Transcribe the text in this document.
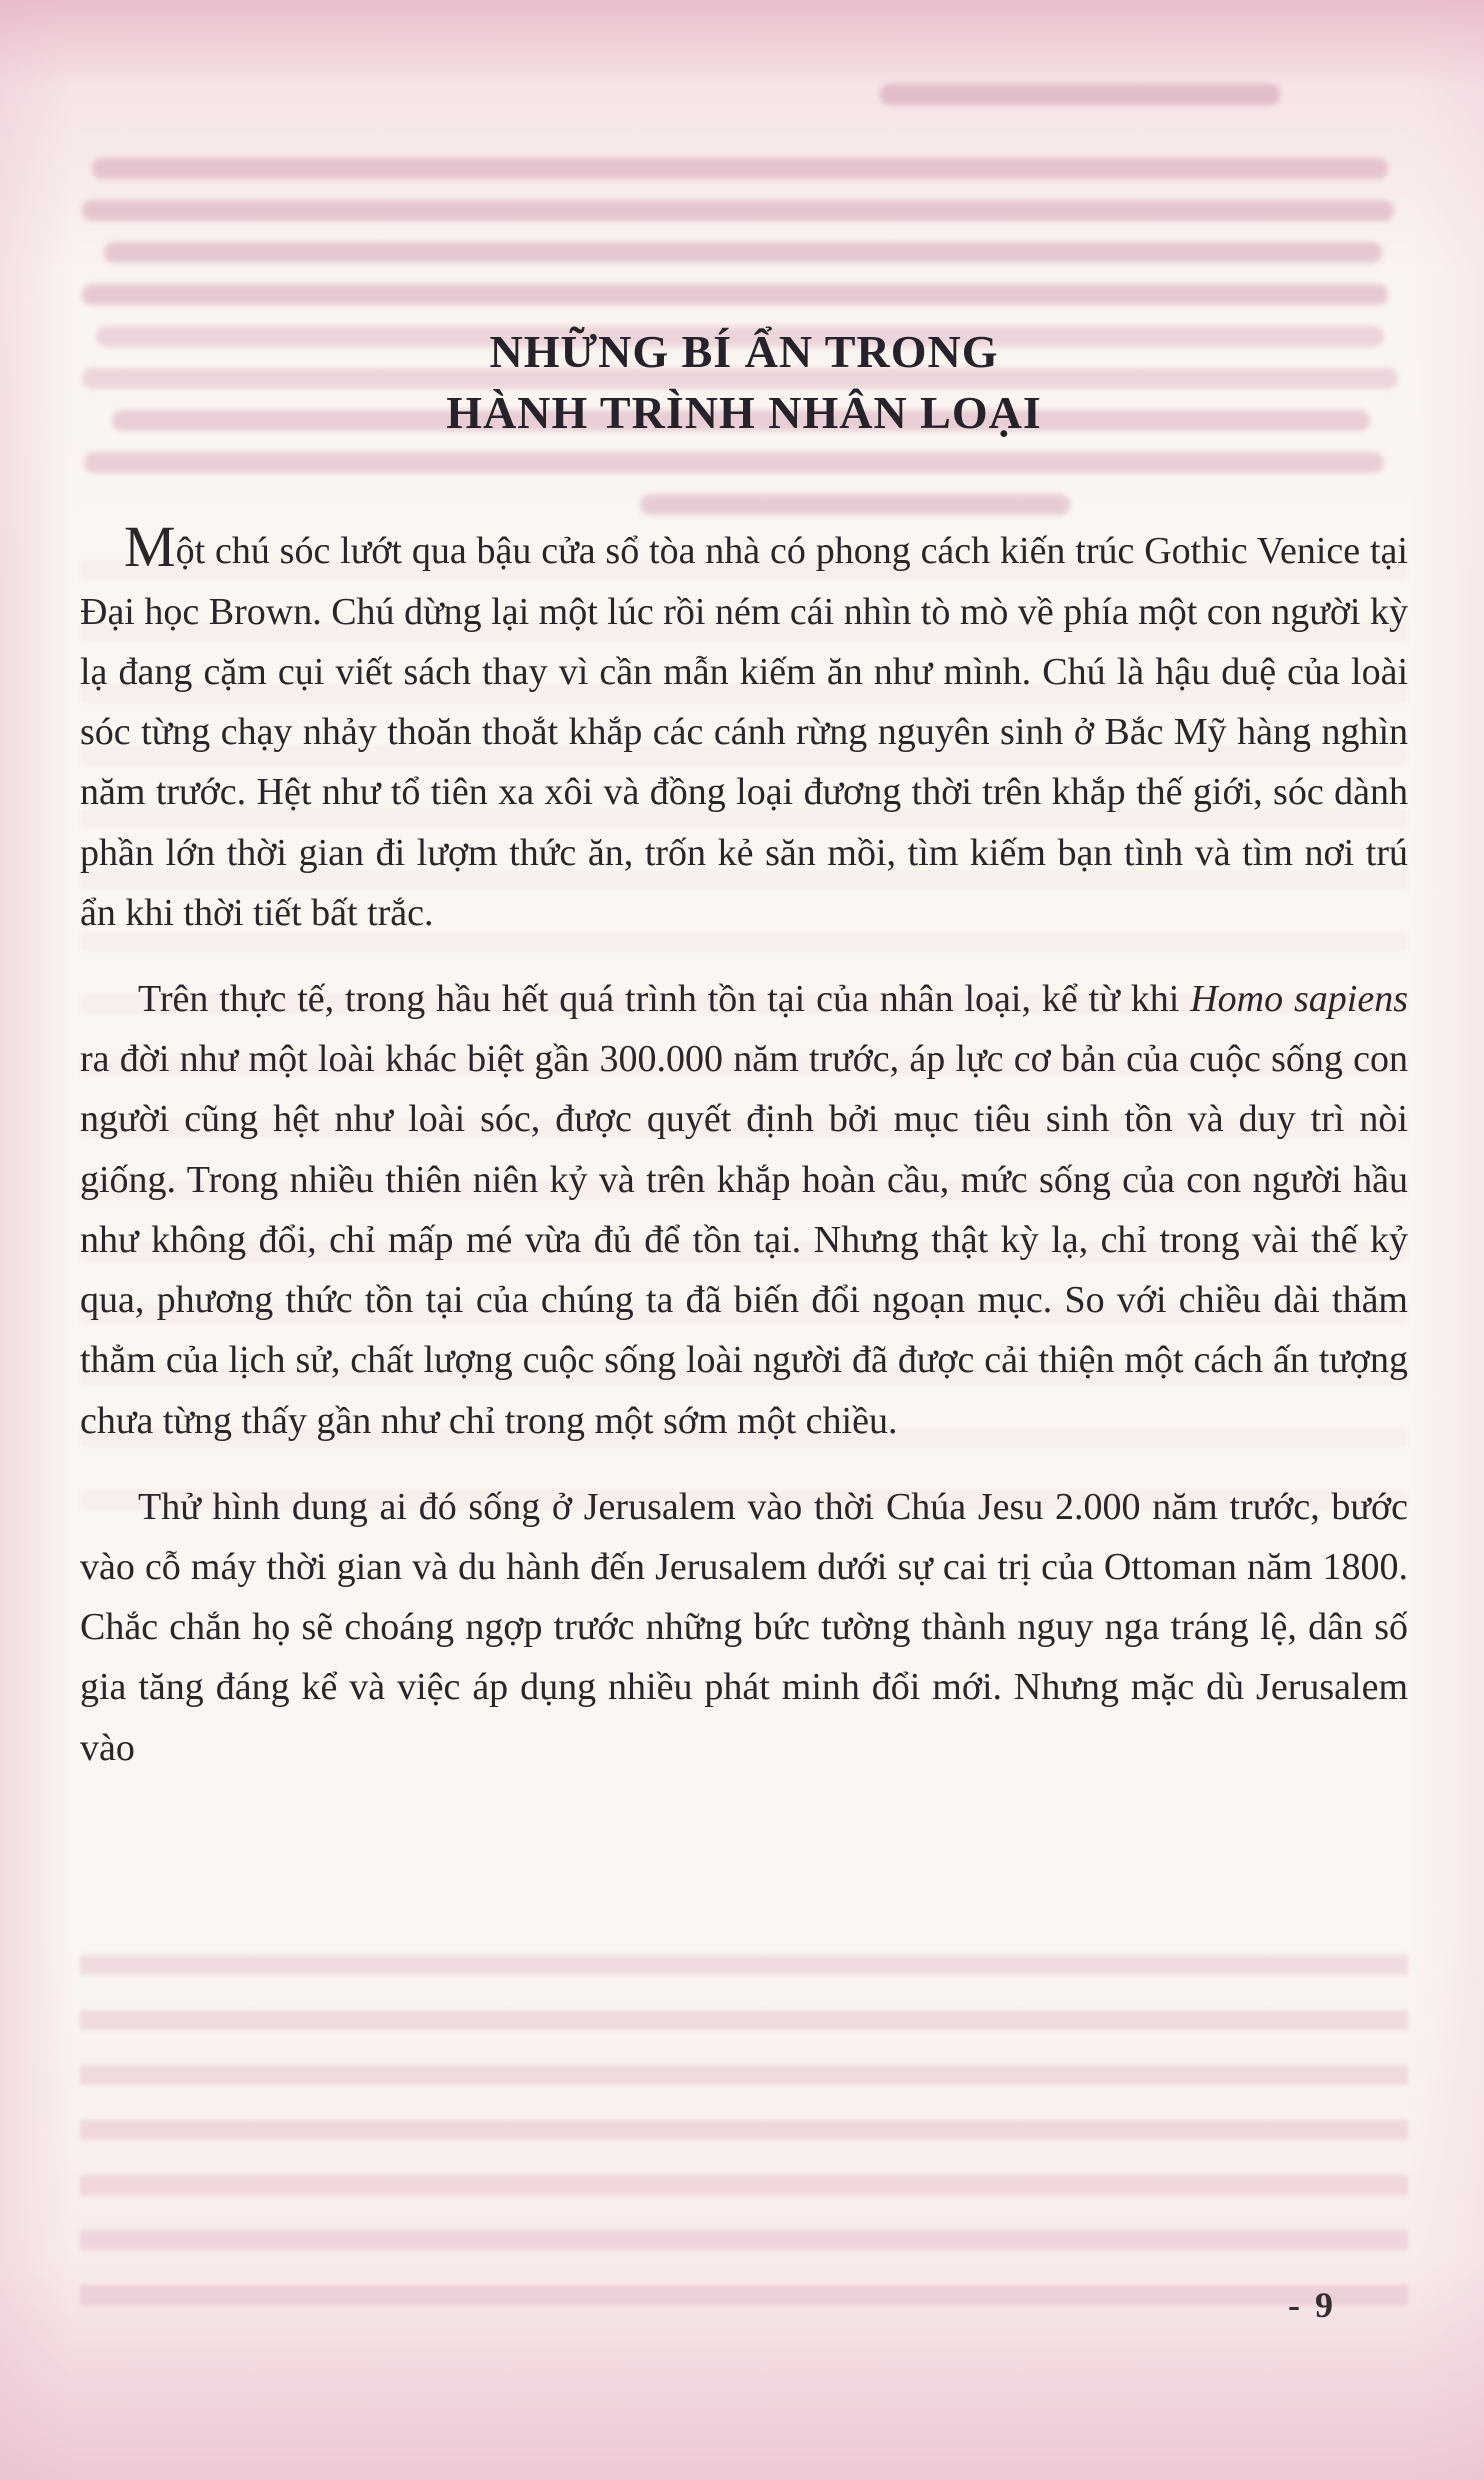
NHỮNG BÍ ẨN TRONG
HÀNH TRÌNH NHÂN LOẠI

Một chú sóc lướt qua bậu cửa sổ tòa nhà có phong cách kiến trúc Gothic Venice tại Đại học Brown. Chú dừng lại một lúc rồi ném cái nhìn tò mò về phía một con người kỳ lạ đang cặm cụi viết sách thay vì cần mẫn kiếm ăn như mình. Chú là hậu duệ của loài sóc từng chạy nhảy thoăn thoắt khắp các cánh rừng nguyên sinh ở Bắc Mỹ hàng nghìn năm trước. Hệt như tổ tiên xa xôi và đồng loại đương thời trên khắp thế giới, sóc dành phần lớn thời gian đi lượm thức ăn, trốn kẻ săn mồi, tìm kiếm bạn tình và tìm nơi trú ẩn khi thời tiết bất trắc.

Trên thực tế, trong hầu hết quá trình tồn tại của nhân loại, kể từ khi Homo sapiens ra đời như một loài khác biệt gần 300.000 năm trước, áp lực cơ bản của cuộc sống con người cũng hệt như loài sóc, được quyết định bởi mục tiêu sinh tồn và duy trì nòi giống. Trong nhiều thiên niên kỷ và trên khắp hoàn cầu, mức sống của con người hầu như không đổi, chỉ mấp mé vừa đủ để tồn tại. Nhưng thật kỳ lạ, chỉ trong vài thế kỷ qua, phương thức tồn tại của chúng ta đã biến đổi ngoạn mục. So với chiều dài thăm thẳm của lịch sử, chất lượng cuộc sống loài người đã được cải thiện một cách ấn tượng chưa từng thấy gần như chỉ trong một sớm một chiều.

Thử hình dung ai đó sống ở Jerusalem vào thời Chúa Jesu 2.000 năm trước, bước vào cỗ máy thời gian và du hành đến Jerusalem dưới sự cai trị của Ottoman năm 1800. Chắc chắn họ sẽ choáng ngợp trước những bức tường thành nguy nga tráng lệ, dân số gia tăng đáng kể và việc áp dụng nhiều phát minh đổi mới. Nhưng mặc dù Jerusalem vào

- 9
